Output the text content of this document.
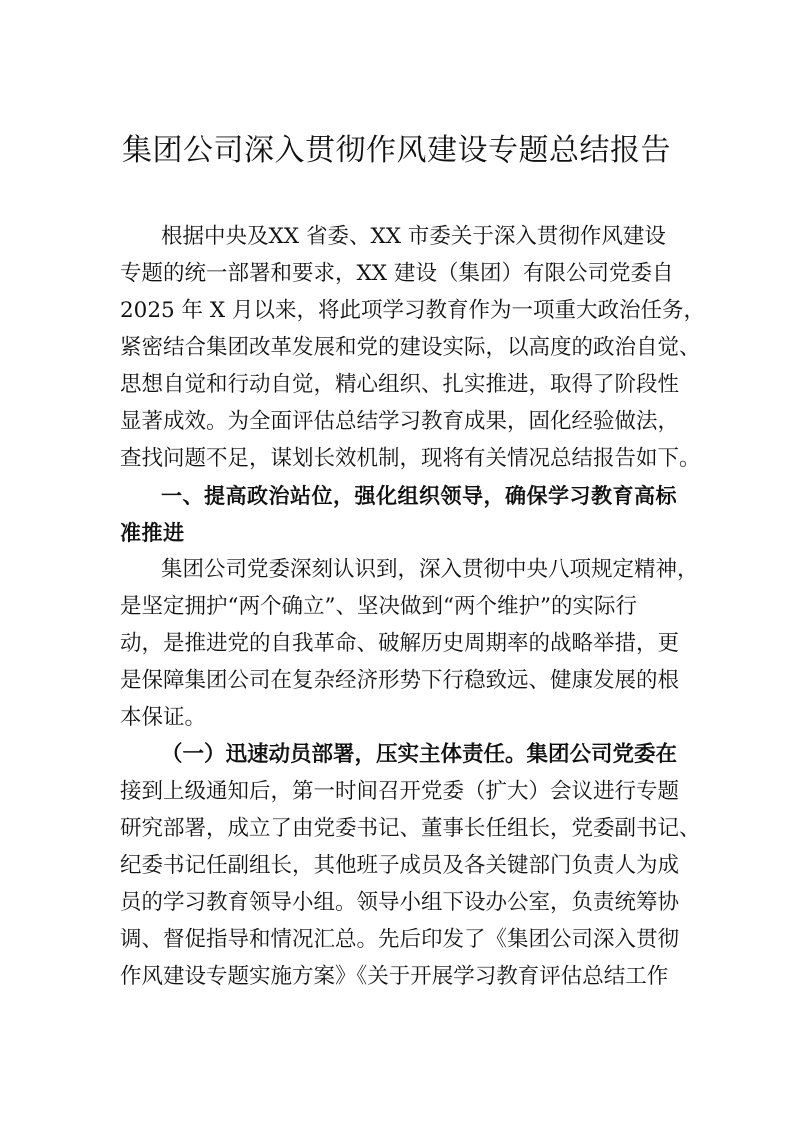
集团公司深入贯彻作风建设专题总结报告
根据中央及XX 省委、XX 市委关于深入贯彻作风建设
专题的统一部署和要求，XX 建设（集团）有限公司党委自
2025 年 X 月以来，将此项学习教育作为一项重大政治任务，
紧密结合集团改革发展和党的建设实际，以高度的政治自觉、
思想自觉和行动自觉，精心组织、扎实推进，取得了阶段性
显著成效。为全面评估总结学习教育成果，固化经验做法，
查找问题不足，谋划长效机制，现将有关情况总结报告如下。
一、提高政治站位，强化组织领导，确保学习教育高标
准推进
集团公司党委深刻认识到，深入贯彻中央八项规定精神，
是坚定拥护“两个确立”、坚决做到“两个维护”的实际行
动，是推进党的自我革命、破解历史周期率的战略举措，更
是保障集团公司在复杂经济形势下行稳致远、健康发展的根
本保证。
（一）迅速动员部署，压实主体责任。集团公司党委在
接到上级通知后，第一时间召开党委（扩大）会议进行专题
研究部署，成立了由党委书记、董事长任组长，党委副书记、
纪委书记任副组长，其他班子成员及各关键部门负责人为成
员的学习教育领导小组。领导小组下设办公室，负责统筹协
调、督促指导和情况汇总。先后印发了《集团公司深入贯彻
作风建设专题实施方案》《关于开展学习教育评估总结工作
